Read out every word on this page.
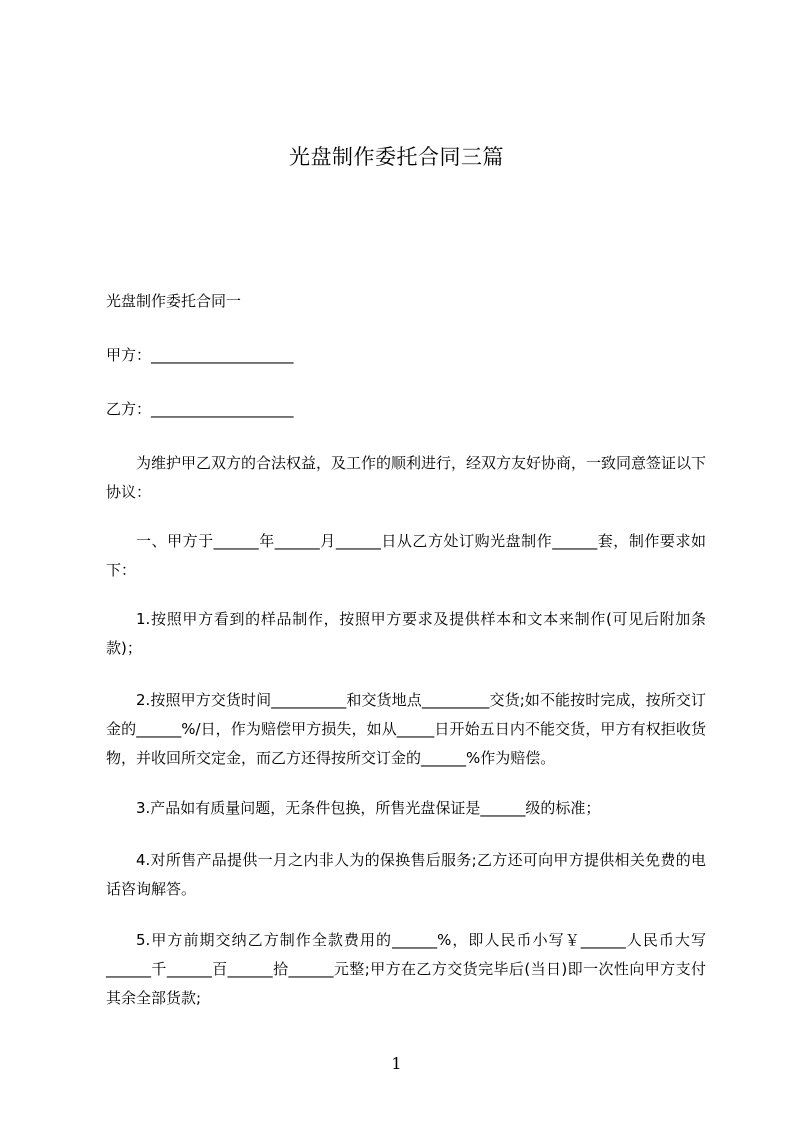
光盘制作委托合同三篇
光盘制作委托合同一
甲方：___________________
乙方：___________________
为维护甲乙双方的合法权益，及工作的顺利进行，经双方友好协商，一致同意签证以下协议：
一、甲方于______年______月______日从乙方处订购光盘制作______套，制作要求如下：
1.按照甲方看到的样品制作，按照甲方要求及提供样本和文本来制作(可见后附加条款)；
2.按照甲方交货时间__________和交货地点_________交货;如不能按时完成，按所交订金的______%/日，作为赔偿甲方损失，如从_____日开始五日内不能交货，甲方有权拒收货物，并收回所交定金，而乙方还得按所交订金的______%作为赔偿。
3.产品如有质量问题，无条件包换，所售光盘保证是______级的标准；
4.对所售产品提供一月之内非人为的保换售后服务;乙方还可向甲方提供相关免费的电话咨询解答。
5.甲方前期交纳乙方制作全款费用的______%，即人民币小写￥______人民币大写______千______百______拾______元整;甲方在乙方交货完毕后(当日)即一次性向甲方支付其余全部货款;
1
